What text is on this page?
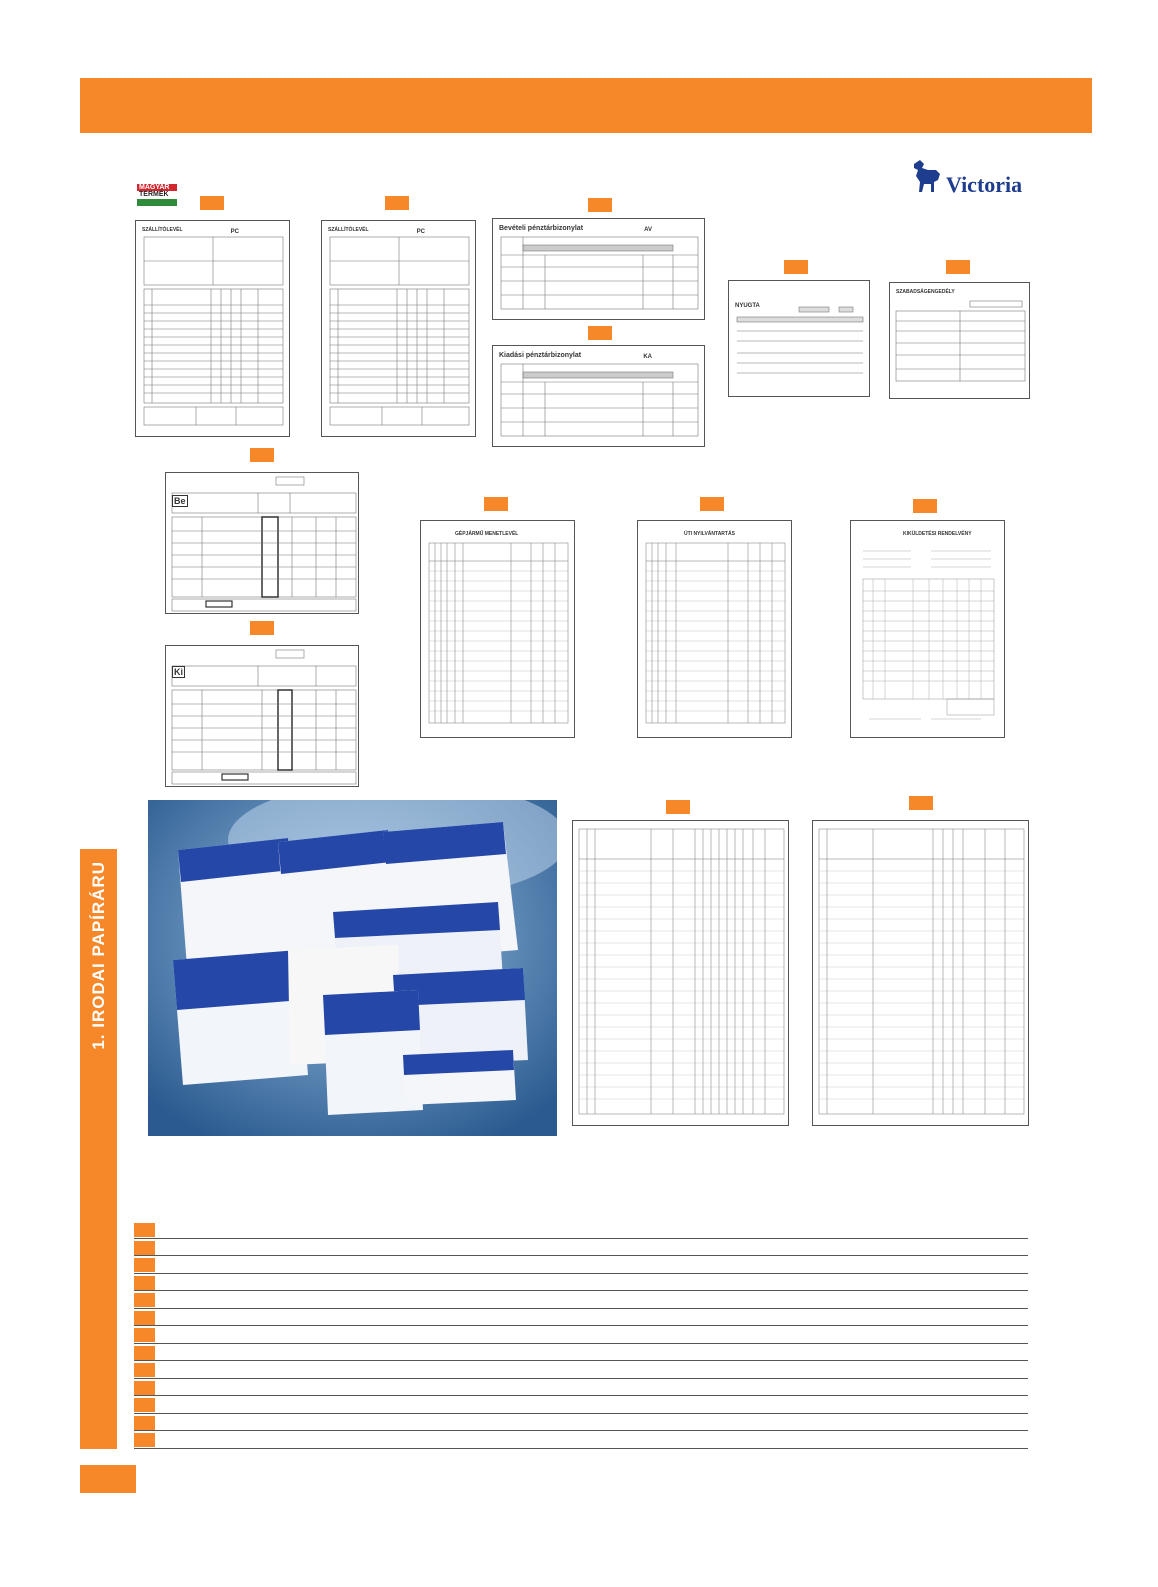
MAGYAR
TERMÉK	Victoria
SZÁLLÍTÓLEVÉL	PC	SZÁLLÍTÓLEVÉL	PC	Bevételi pénztárbizonylat	AV
Kiadási pénztárbizonylat	KA
NYUGTA
SZABADSÁGENGEDÉLY
Be
Ki
GÉPJÁRMŰ MENETLEVÉL	ÚTI NYILVÁNTARTÁS	KIKÜLDETÉSI RENDELVÉNY
1. IRODAI PAPÍRÁRU
